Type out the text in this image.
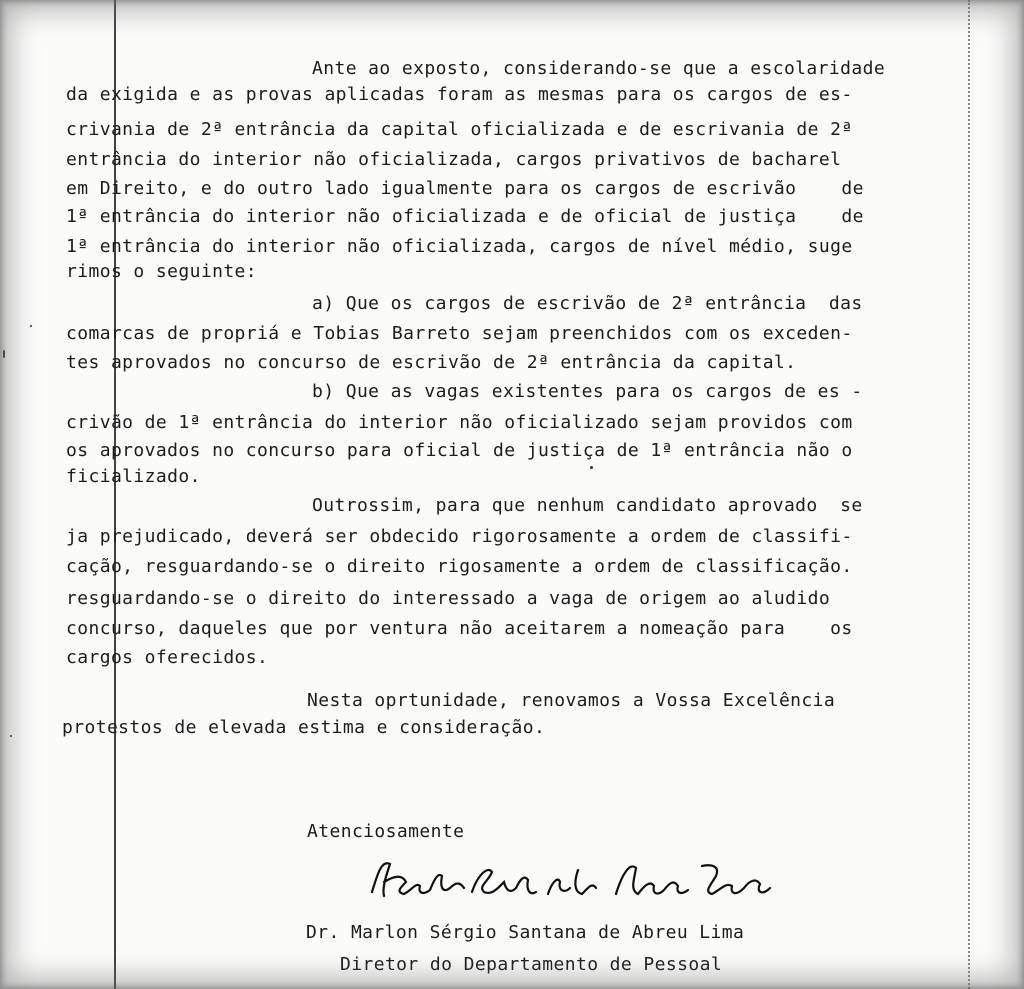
Ante ao exposto, considerando-se que a escolaridade
da exigida e as provas aplicadas foram as mesmas para os cargos de es-
crivania de 2ª entrância da capital oficializada e de escrivania de 2ª
entrância do interior não oficializada, cargos privativos de bacharel
em Direito, e do outro lado igualmente para os cargos de escrivão    de
1ª entrância do interior não oficializada e de oficial de justiça    de
1ª entrância do interior não oficializada, cargos de nível médio, suge
rimos o seguinte:
a) Que os cargos de escrivão de 2ª entrância  das
comarcas de propriá e Tobias Barreto sejam preenchidos com os exceden-
tes aprovados no concurso de escrivão de 2ª entrância da capital.
b) Que as vagas existentes para os cargos de es -
crivão de 1ª entrância do interior não oficializado sejam providos com
os aprovados no concurso para oficial de justiça de 1ª entrância não o
ficializado.
Outrossim, para que nenhum candidato aprovado  se
ja prejudicado, deverá ser obdecido rigorosamente a ordem de classifi-
cação, resguardando-se o direito rigosamente a ordem de classificação.
resguardando-se o direito do interessado a vaga de origem ao aludido
concurso, daqueles que por ventura não aceitarem a nomeação para    os
cargos oferecidos.
Nesta oprtunidade, renovamos a Vossa Excelência
protestos de elevada estima e consideração.
Atenciosamente
Dr. Marlon Sérgio Santana de Abreu Lima
Diretor do Departamento de Pessoal
